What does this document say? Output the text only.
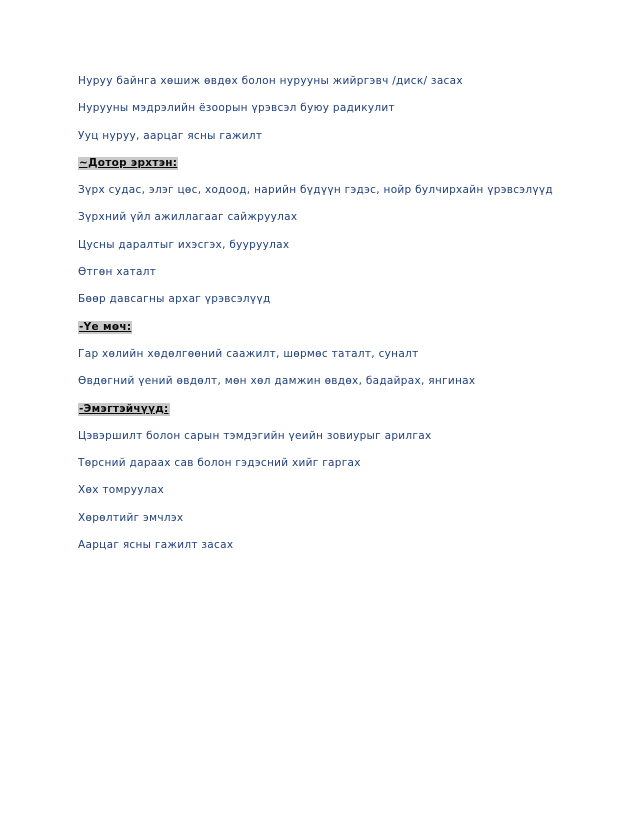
Нуруу байнга хөшиж өвдөх болон нурууны жийргэвч /диск/ засах
Нурууны мэдрэлийн ёзоорын үрэвсэл буюу радикулит
Ууц нуруу, аарцаг ясны гажилт
~Дотор эрхтэн:
Зүрх судас, элэг цөс, ходоод, нарийн бүдүүн гэдэс, нойр булчирхайн үрэвсэлүүд
Зүрхний үйл ажиллагааг сайжруулах
Цусны даралтыг ихэсгэх, бууруулах
Өтгөн хаталт
Бөөр давсагны архаг үрэвсэлүүд
-Үе мөч:
Гар хөлийн хөдөлгөөний саажилт, шөрмөс таталт, суналт
Өвдөгний үений өвдөлт, мөн хөл дамжин өвдөх, бадайрах, янгинах
-Эмэгтэйчүүд:
Цэвэршилт болон сарын тэмдэгийн үеийн зовиурыг арилгах
Төрсний дараах сав болон гэдэсний хийг гаргах
Хөх томруулах
Хөрөлтийг эмчлэх
Аарцаг ясны гажилт засах
